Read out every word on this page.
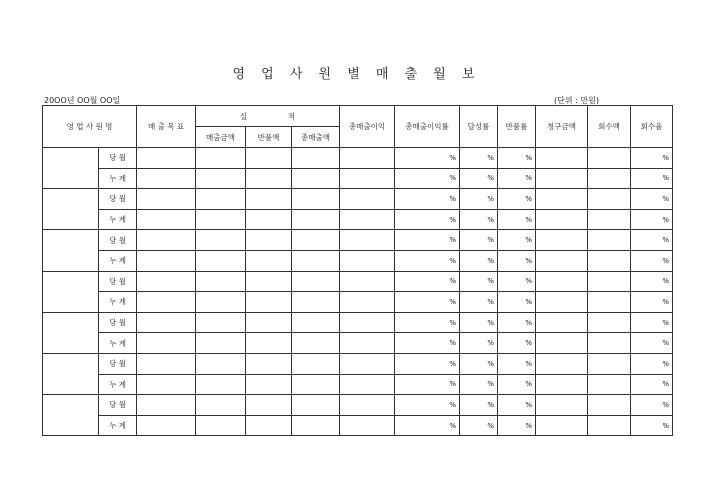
영 업 사 원 별 매 출 월 보
20OO년 OO월 OO일	(단위 : 만원)
영 업 사 원 명		매 출 목 표	실                 적			총매출이익	총매출이익률	달성률	반품률	청구금액	회수액	회수율
			매출금액	반품액	총매출액							
	당 월						%	%	%			%
	누 계						%	%	%			%
	당 월						%	%	%			%
	누 계						%	%	%			%
	당 월						%	%	%			%
	누 계						%	%	%			%
	당 월						%	%	%			%
	누 계						%	%	%			%
	당 월						%	%	%			%
	누 계						%	%	%			%
	당 월						%	%	%			%
	누 계						%	%	%			%
	당 월						%	%	%			%
	누 계						%	%	%			%
